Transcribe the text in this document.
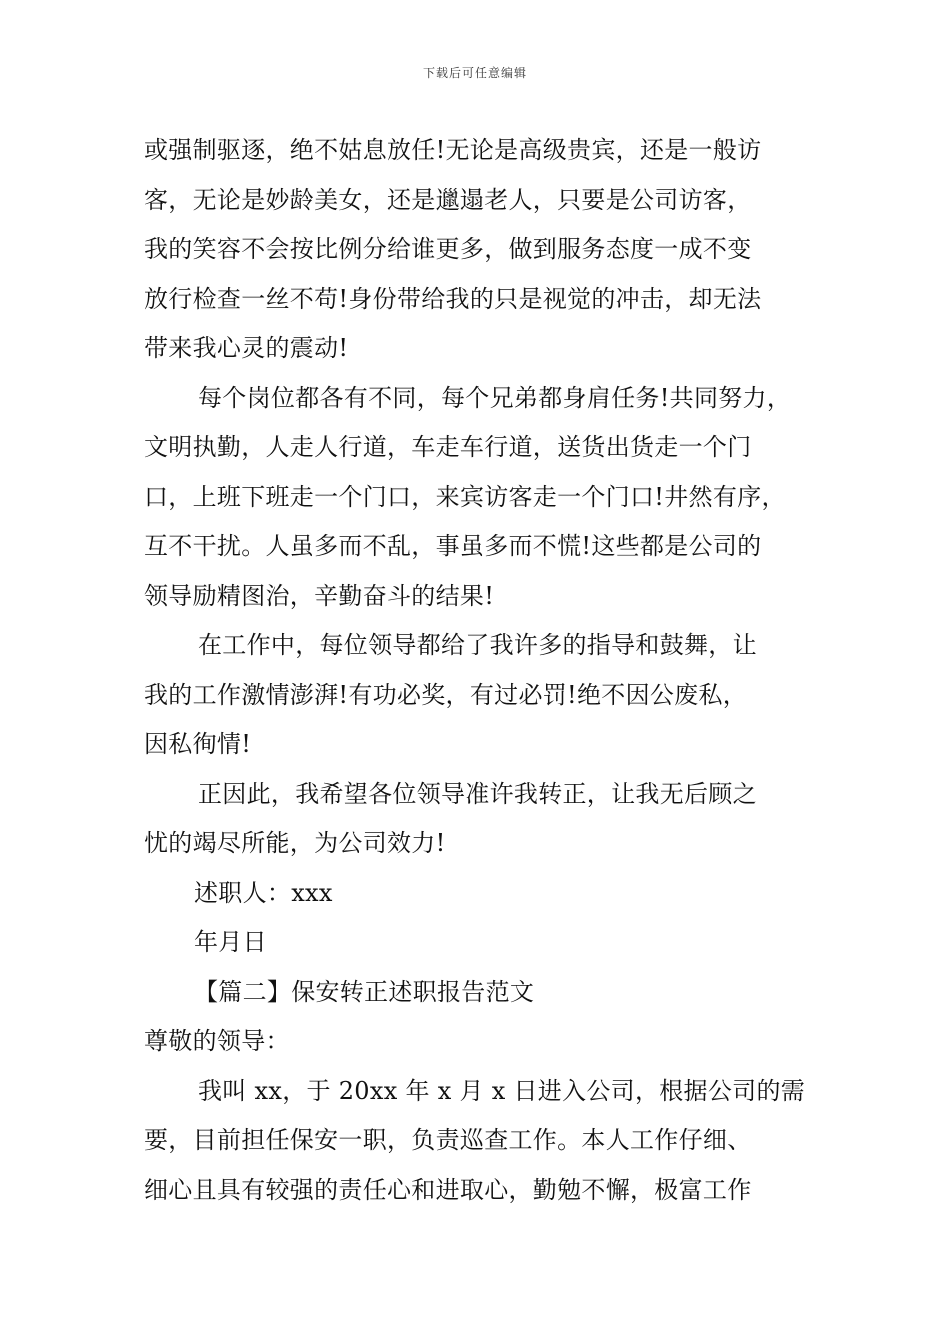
下载后可任意编辑

或强制驱逐，绝不姑息放任!无论是高级贵宾，还是一般访

客，无论是妙龄美女，还是邋遢老人，只要是公司访客，

我的笑容不会按比例分给谁更多，做到服务态度一成不变

放行检查一丝不苟!身份带给我的只是视觉的冲击，却无法

带来我心灵的震动!

每个岗位都各有不同，每个兄弟都身肩任务!共同努力，

文明执勤，人走人行道，车走车行道，送货出货走一个门

口，上班下班走一个门口，来宾访客走一个门口!井然有序，

互不干扰。人虽多而不乱，事虽多而不慌!这些都是公司的

领导励精图治，辛勤奋斗的结果!

在工作中，每位领导都给了我许多的指导和鼓舞，让

我的工作激情澎湃!有功必奖，有过必罚!绝不因公废私，

因私徇情!

正因此，我希望各位领导准许我转正，让我无后顾之

忧的竭尽所能，为公司效力!

述职人：xxx

年月日

【篇二】保安转正述职报告范文

尊敬的领导：

我叫 xx，于 20xx 年 x 月 x 日进入公司，根据公司的需

要，目前担任保安一职，负责巡查工作。本人工作仔细、

细心且具有较强的责任心和进取心，勤勉不懈，极富工作
